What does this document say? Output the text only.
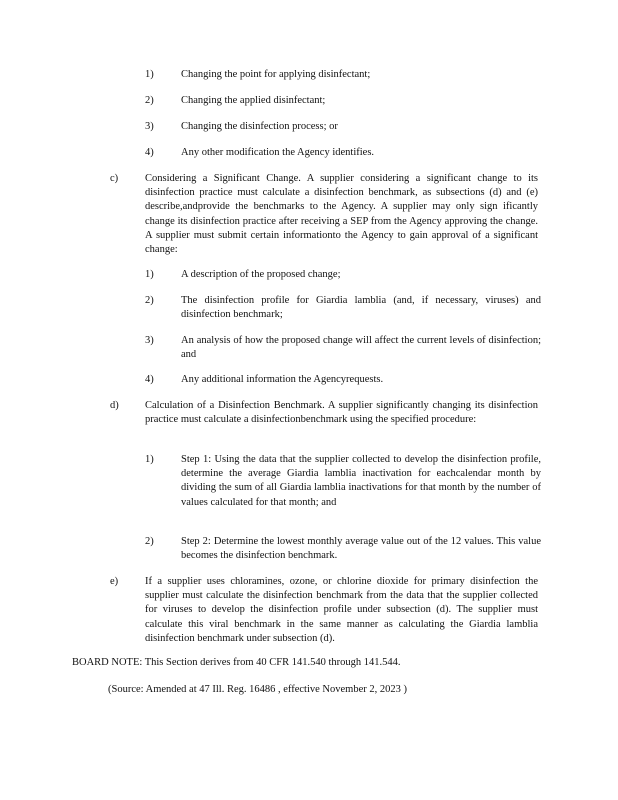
1)	Changing the point for applying disinfectant;
2)	Changing the applied disinfectant;
3)	Changing the disinfection process; or
4)	Any other modification the Agency identifies.
c)	Considering a Significant Change. A supplier considering a significant change to its disinfection practice must calculate a disinfection benchmark, as subsections (d) and (e) describe,andprovide the benchmarks to the Agency. A supplier may only sign ificantly change its disinfection practice after receiving a SEP from the Agency approving the change. A supplier must submit certain informationto the Agency to gain approval of a significant change:
1)	A description of the proposed change;
2)	The disinfection profile for Giardia lamblia (and, if necessary, viruses) and disinfection benchmark;
3)	An analysis of how the proposed change will affect the current levels of disinfection; and
4)	Any additional information the Agencyrequests.
d)	Calculation of a Disinfection Benchmark. A supplier significantly changing its disinfection practice must calculate a disinfectionbenchmark using the specified procedure:
1)	Step 1: Using the data that the supplier collected to develop the disinfection profile, determine the average Giardia lamblia inactivation for eachcalendar month by dividing the sum of all Giardia lamblia inactivations for that month by the number of values calculated for that month; and
2)	Step 2: Determine the lowest monthly average value out of the 12 values. This value becomes the disinfection benchmark.
e)	If a supplier uses chloramines, ozone, or chlorine dioxide for primary disinfection the supplier must calculate the disinfection benchmark from the data that the supplier collected for viruses to develop the disinfection profile under subsection (d). The supplier must calculate this viral benchmark in the same manner as calculating the Giardia lamblia disinfection benchmark under subsection (d).
BOARD NOTE: This Section derives from 40 CFR 141.540 through 141.544.
(Source: Amended at 47 Ill. Reg. 16486 , effective November 2, 2023 )
